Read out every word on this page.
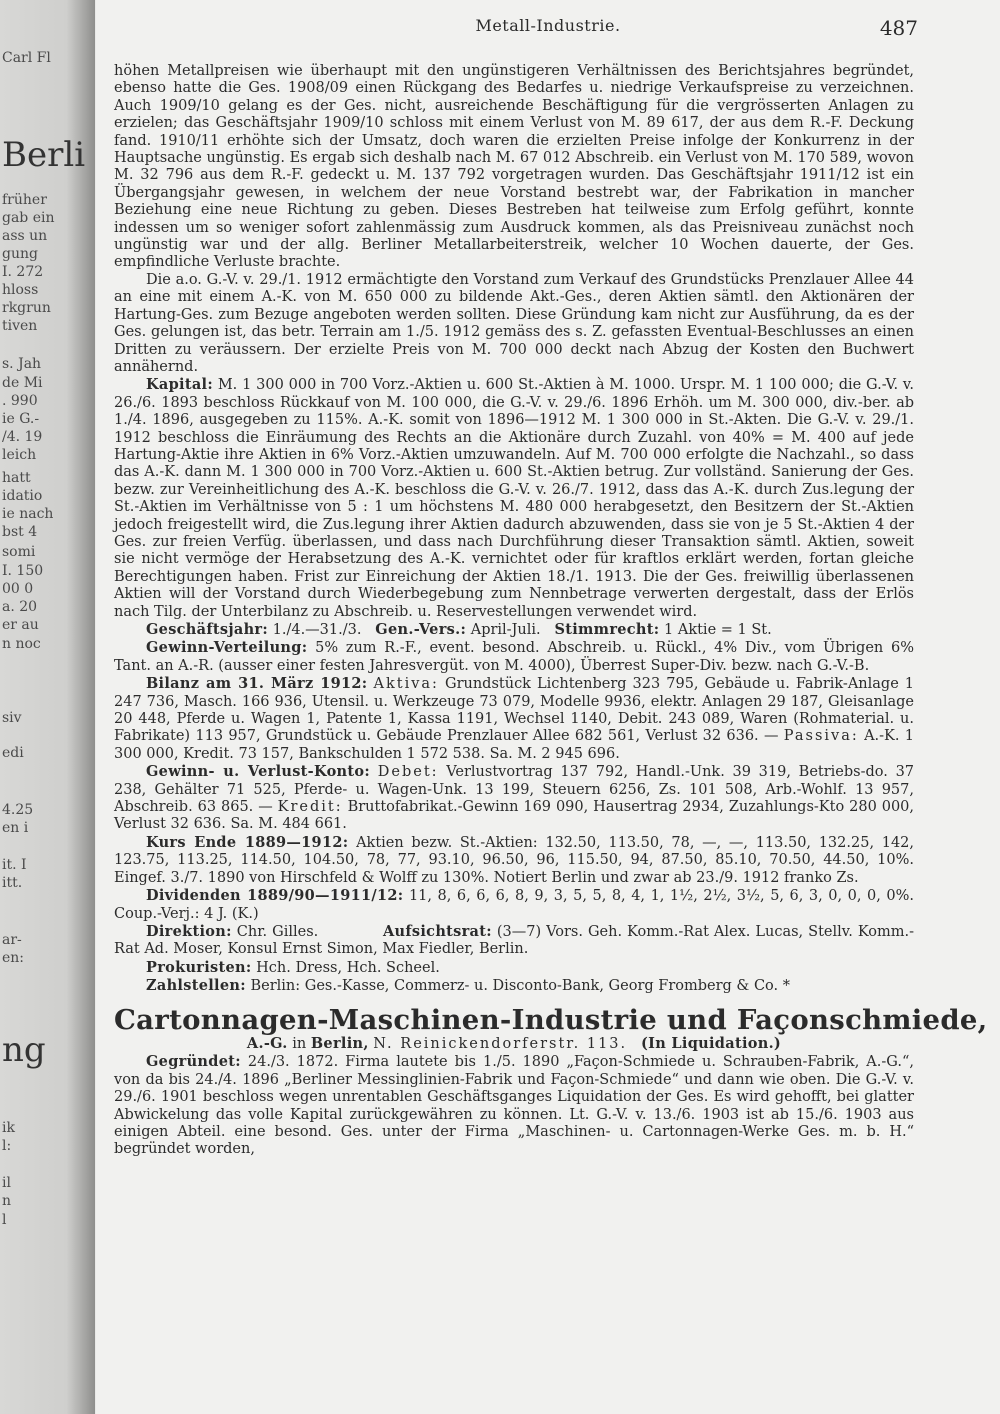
Carl Fl
Berli
früher
gab ein
ass un
gung
I. 272
hloss
rkgrun
tiven
s. Jah
de Mi
. 990
ie G.-
/4. 19
leich
hatt
idatio
ie nach
bst 4
somi
I. 150
00 0
a. 20
er au
n noc
siv
edi
4.25
en i
it. I
itt.
en:
ar-
ng
ik
l:
il
n
l
Metall-Industrie.	487

höhen Metallpreisen wie überhaupt mit den ungünstigeren Verhältnissen des Berichtsjahres begründet, ebenso hatte die Ges. 1908/09 einen Rückgang des Bedarfes u. niedrige Verkaufspreise zu verzeichnen. Auch 1909/10 gelang es der Ges. nicht, ausreichende Beschäftigung für die vergrösserten Anlagen zu erzielen; das Geschäftsjahr 1909/10 schloss mit einem Verlust von M. 89 617, der aus dem R.-F. Deckung fand. 1910/11 erhöhte sich der Umsatz, doch waren die erzielten Preise infolge der Konkurrenz in der Hauptsache ungünstig. Es ergab sich deshalb nach M. 67 012 Abschreib. ein Verlust von M. 170 589, wovon M. 32 796 aus dem R.-F. gedeckt u. M. 137 792 vorgetragen wurden. Das Geschäftsjahr 1911/12 ist ein Übergangsjahr gewesen, in welchem der neue Vorstand bestrebt war, der Fabrikation in mancher Beziehung eine neue Richtung zu geben. Dieses Bestreben hat teilweise zum Erfolg geführt, konnte indessen um so weniger sofort zahlenmässig zum Ausdruck kommen, als das Preisniveau zunächst noch ungünstig war und der allg. Berliner Metallarbeiterstreik, welcher 10 Wochen dauerte, der Ges. empfindliche Verluste brachte.

Die a.o. G.-V. v. 29./1. 1912 ermächtigte den Vorstand zum Verkauf des Grundstücks Prenzlauer Allee 44 an eine mit einem A.-K. von M. 650 000 zu bildende Akt.-Ges., deren Aktien sämtl. den Aktionären der Hartung-Ges. zum Bezuge angeboten werden sollten. Diese Gründung kam nicht zur Ausführung, da es der Ges. gelungen ist, das betr. Terrain am 1./5. 1912 gemäss des s. Z. gefassten Eventual-Beschlusses an einen Dritten zu veräussern. Der erzielte Preis von M. 700 000 deckt nach Abzug der Kosten den Buchwert annähernd.

Kapital: M. 1 300 000 in 700 Vorz.-Aktien u. 600 St.-Aktien à M. 1000. Urspr. M. 1 100 000; die G.-V. v. 26./6. 1893 beschloss Rückkauf von M. 100 000, die G.-V. v. 29./6. 1896 Erhöh. um M. 300 000, div.-ber. ab 1./4. 1896, ausgegeben zu 115%. A.-K. somit von 1896—1912 M. 1 300 000 in St.-Akten. Die G.-V. v. 29./1. 1912 beschloss die Einräumung des Rechts an die Aktionäre durch Zuzahl. von 40% = M. 400 auf jede Hartung-Aktie ihre Aktien in 6% Vorz.-Aktien umzuwandeln. Auf M. 700 000 erfolgte die Nachzahl., so dass das A.-K. dann M. 1 300 000 in 700 Vorz.-Aktien u. 600 St.-Aktien betrug. Zur vollständ. Sanierung der Ges. bezw. zur Vereinheitlichung des A.-K. beschloss die G.-V. v. 26./7. 1912, dass das A.-K. durch Zus.legung der St.-Aktien im Verhältnisse von 5 : 1 um höchstens M. 480 000 herabgesetzt, den Besitzern der St.-Aktien jedoch freigestellt wird, die Zus.legung ihrer Aktien dadurch abzuwenden, dass sie von je 5 St.-Aktien 4 der Ges. zur freien Verfüg. überlassen, und dass nach Durchführung dieser Transaktion sämtl. Aktien, soweit sie nicht vermöge der Herabsetzung des A.-K. vernichtet oder für kraftlos erklärt werden, fortan gleiche Berechtigungen haben. Frist zur Einreichung der Aktien 18./1. 1913. Die der Ges. freiwillig überlassenen Aktien will der Vorstand durch Wiederbegebung zum Nennbetrage verwerten dergestalt, dass der Erlös nach Tilg. der Unterbilanz zu Abschreib. u. Reservestellungen verwendet wird.

Geschäftsjahr: 1./4.—31./3. Gen.-Vers.: April-Juli. Stimmrecht: 1 Aktie = 1 St.

Gewinn-Verteilung: 5% zum R.-F., event. besond. Abschreib. u. Rückl., 4% Div., vom Übrigen 6% Tant. an A.-R. (ausser einer festen Jahresvergüt. von M. 4000), Überrest Super-Div. bezw. nach G.-V.-B.

Bilanz am 31. März 1912: Aktiva: Grundstück Lichtenberg 323 795, Gebäude u. Fabrik-Anlage 1 247 736, Masch. 166 936, Utensil. u. Werkzeuge 73 079, Modelle 9936, elektr. Anlagen 29 187, Gleisanlage 20 448, Pferde u. Wagen 1, Patente 1, Kassa 1191, Wechsel 1140, Debit. 243 089, Waren (Rohmaterial. u. Fabrikate) 113 957, Grundstück u. Gebäude Prenzlauer Allee 682 561, Verlust 32 636. — Passiva: A.-K. 1 300 000, Kredit. 73 157, Bankschulden 1 572 538. Sa. M. 2 945 696.

Gewinn- u. Verlust-Konto: Debet: Verlustvortrag 137 792, Handl.-Unk. 39 319, Betriebs-do. 37 238, Gehälter 71 525, Pferde- u. Wagen-Unk. 13 199, Steuern 6256, Zs. 101 508, Arb.-Wohlf. 13 957, Abschreib. 63 865. — Kredit: Bruttofabrikat.-Gewinn 169 090, Hausertrag 2934, Zuzahlungs-Kto 280 000, Verlust 32 636. Sa. M. 484 661.

Kurs Ende 1889—1912: Aktien bezw. St.-Aktien: 132.50, 113.50, 78, —, —, 113.50, 132.25, 142, 123.75, 113.25, 114.50, 104.50, 78, 77, 93.10, 96.50, 96, 115.50, 94, 87.50, 85.10, 70.50, 44.50, 10%. Eingef. 3./7. 1890 von Hirschfeld & Wolff zu 130%. Notiert Berlin und zwar ab 23./9. 1912 franko Zs.

Dividenden 1889/90—1911/12: 11, 8, 6, 6, 6, 8, 9, 3, 5, 5, 8, 4, 1, 1½, 2½, 3½, 5, 6, 3, 0, 0, 0, 0%. Coup.-Verj.: 4 J. (K.)

Direktion: Chr. Gilles.	Aufsichtsrat: (3—7) Vors. Geh. Komm.-Rat Alex. Lucas, Stellv. Komm.-Rat Ad. Moser, Konsul Ernst Simon, Max Fiedler, Berlin.

Prokuristen: Hch. Dress, Hch. Scheel.

Zahlstellen: Berlin: Ges.-Kasse, Commerz- u. Disconto-Bank, Georg Fromberg & Co. *

Cartonnagen-Maschinen-Industrie und Façonschmiede,

A.-G. in Berlin, N. Reinickendorferstr. 113. (In Liquidation.)

Gegründet: 24./3. 1872. Firma lautete bis 1./5. 1890 „Façon-Schmiede u. Schrauben-Fabrik, A.-G.“, von da bis 24./4. 1896 „Berliner Messinglinien-Fabrik und Façon-Schmiede“ und dann wie oben. Die G.-V. v. 29./6. 1901 beschloss wegen unrentablen Geschäftsganges Liquidation der Ges. Es wird gehofft, bei glatter Abwickelung das volle Kapital zurückgewähren zu können. Lt. G.-V. v. 13./6. 1903 ist ab 15./6. 1903 aus einigen Abteil. eine besond. Ges. unter der Firma „Maschinen- u. Cartonnagen-Werke Ges. m. b. H.“ begründet worden,
